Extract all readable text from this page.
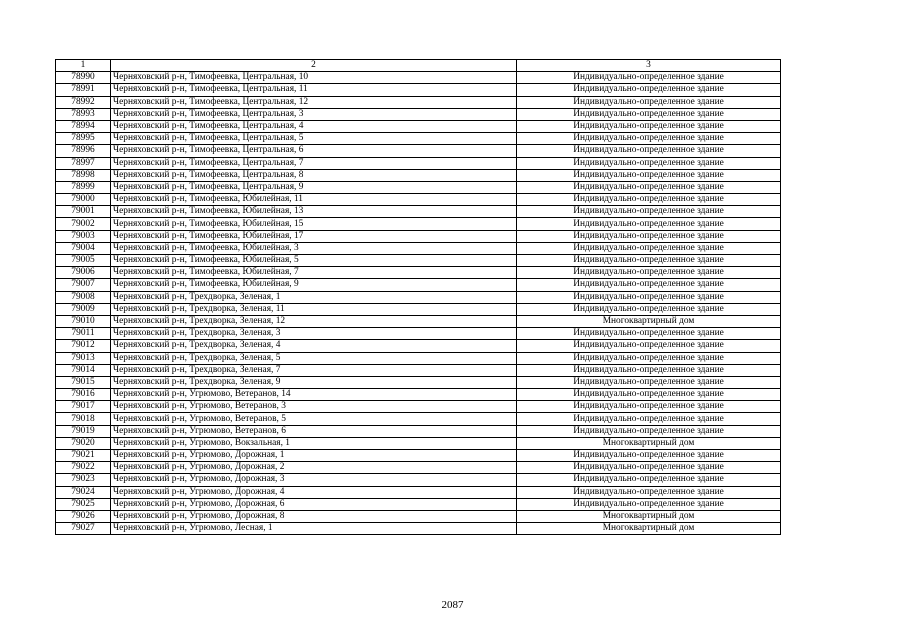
1	2	3
78990	Черняховский р-н, Тимофеевка, Центральная, 10	Индивидуально-определенное здание
78991	Черняховский р-н, Тимофеевка, Центральная, 11	Индивидуально-определенное здание
78992	Черняховский р-н, Тимофеевка, Центральная, 12	Индивидуально-определенное здание
78993	Черняховский р-н, Тимофеевка, Центральная, 3	Индивидуально-определенное здание
78994	Черняховский р-н, Тимофеевка, Центральная, 4	Индивидуально-определенное здание
78995	Черняховский р-н, Тимофеевка, Центральная, 5	Индивидуально-определенное здание
78996	Черняховский р-н, Тимофеевка, Центральная, 6	Индивидуально-определенное здание
78997	Черняховский р-н, Тимофеевка, Центральная, 7	Индивидуально-определенное здание
78998	Черняховский р-н, Тимофеевка, Центральная, 8	Индивидуально-определенное здание
78999	Черняховский р-н, Тимофеевка, Центральная, 9	Индивидуально-определенное здание
79000	Черняховский р-н, Тимофеевка, Юбилейная, 11	Индивидуально-определенное здание
79001	Черняховский р-н, Тимофеевка, Юбилейная, 13	Индивидуально-определенное здание
79002	Черняховский р-н, Тимофеевка, Юбилейная, 15	Индивидуально-определенное здание
79003	Черняховский р-н, Тимофеевка, Юбилейная, 17	Индивидуально-определенное здание
79004	Черняховский р-н, Тимофеевка, Юбилейная, 3	Индивидуально-определенное здание
79005	Черняховский р-н, Тимофеевка, Юбилейная, 5	Индивидуально-определенное здание
79006	Черняховский р-н, Тимофеевка, Юбилейная, 7	Индивидуально-определенное здание
79007	Черняховский р-н, Тимофеевка, Юбилейная, 9	Индивидуально-определенное здание
79008	Черняховский р-н, Трехдворка, Зеленая, 1	Индивидуально-определенное здание
79009	Черняховский р-н, Трехдворка, Зеленая, 11	Индивидуально-определенное здание
79010	Черняховский р-н, Трехдворка, Зеленая, 12	Многоквартирный дом
79011	Черняховский р-н, Трехдворка, Зеленая, 3	Индивидуально-определенное здание
79012	Черняховский р-н, Трехдворка, Зеленая, 4	Индивидуально-определенное здание
79013	Черняховский р-н, Трехдворка, Зеленая, 5	Индивидуально-определенное здание
79014	Черняховский р-н, Трехдворка, Зеленая, 7	Индивидуально-определенное здание
79015	Черняховский р-н, Трехдворка, Зеленая, 9	Индивидуально-определенное здание
79016	Черняховский р-н, Угрюмово, Ветеранов, 14	Индивидуально-определенное здание
79017	Черняховский р-н, Угрюмово, Ветеранов, 3	Индивидуально-определенное здание
79018	Черняховский р-н, Угрюмово, Ветеранов, 5	Индивидуально-определенное здание
79019	Черняховский р-н, Угрюмово, Ветеранов, 6	Индивидуально-определенное здание
79020	Черняховский р-н, Угрюмово, Вокзальная, 1	Многоквартирный дом
79021	Черняховский р-н, Угрюмово, Дорожная, 1	Индивидуально-определенное здание
79022	Черняховский р-н, Угрюмово, Дорожная, 2	Индивидуально-определенное здание
79023	Черняховский р-н, Угрюмово, Дорожная, 3	Индивидуально-определенное здание
79024	Черняховский р-н, Угрюмово, Дорожная, 4	Индивидуально-определенное здание
79025	Черняховский р-н, Угрюмово, Дорожная, 6	Индивидуально-определенное здание
79026	Черняховский р-н, Угрюмово, Дорожная, 8	Многоквартирный дом
79027	Черняховский р-н, Угрюмово, Лесная, 1	Многоквартирный дом
2087
